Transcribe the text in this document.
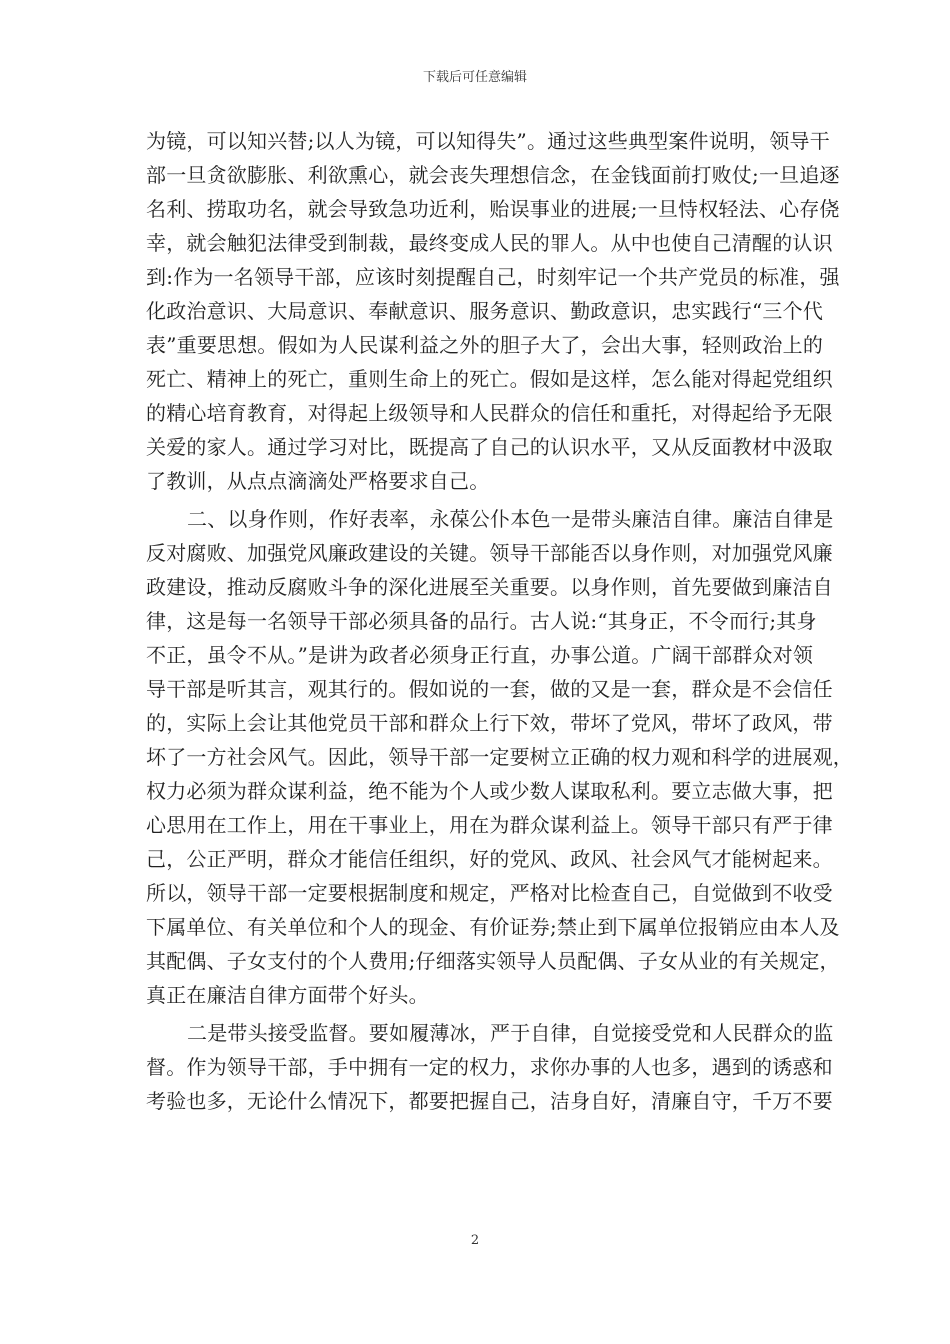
下载后可任意编辑
为镜，可以知兴替;以人为镜，可以知得失”。通过这些典型案件说明，领导干
部一旦贪欲膨胀、利欲熏心，就会丧失理想信念，在金钱面前打败仗;一旦追逐
名利、捞取功名，就会导致急功近利，贻误事业的进展;一旦恃权轻法、心存侥
幸，就会触犯法律受到制裁，最终变成人民的罪人。从中也使自己清醒的认识
到:作为一名领导干部，应该时刻提醒自己，时刻牢记一个共产党员的标准，强
化政治意识、大局意识、奉献意识、服务意识、勤政意识，忠实践行“三个代
表”重要思想。假如为人民谋利益之外的胆子大了，会出大事，轻则政治上的
死亡、精神上的死亡，重则生命上的死亡。假如是这样，怎么能对得起党组织
的精心培育教育，对得起上级领导和人民群众的信任和重托，对得起给予无限
关爱的家人。通过学习对比，既提高了自己的认识水平，又从反面教材中汲取
了教训，从点点滴滴处严格要求自己。
二、以身作则，作好表率，永葆公仆本色一是带头廉洁自律。廉洁自律是
反对腐败、加强党风廉政建设的关键。领导干部能否以身作则，对加强党风廉
政建设，推动反腐败斗争的深化进展至关重要。以身作则，首先要做到廉洁自
律，这是每一名领导干部必须具备的品行。古人说:“其身正，不令而行;其身
不正，虽令不从。”是讲为政者必须身正行直，办事公道。广阔干部群众对领
导干部是听其言，观其行的。假如说的一套，做的又是一套，群众是不会信任
的，实际上会让其他党员干部和群众上行下效，带坏了党风，带坏了政风，带
坏了一方社会风气。因此，领导干部一定要树立正确的权力观和科学的进展观，
权力必须为群众谋利益，绝不能为个人或少数人谋取私利。要立志做大事，把
心思用在工作上，用在干事业上，用在为群众谋利益上。领导干部只有严于律
己，公正严明，群众才能信任组织，好的党风、政风、社会风气才能树起来。
所以，领导干部一定要根据制度和规定，严格对比检查自己，自觉做到不收受
下属单位、有关单位和个人的现金、有价证券;禁止到下属单位报销应由本人及
其配偶、子女支付的个人费用;仔细落实领导人员配偶、子女从业的有关规定，
真正在廉洁自律方面带个好头。
二是带头接受监督。要如履薄冰，严于自律，自觉接受党和人民群众的监
督。作为领导干部，手中拥有一定的权力，求你办事的人也多，遇到的诱惑和
考验也多，无论什么情况下，都要把握自己，洁身自好，清廉自守，千万不要
2
